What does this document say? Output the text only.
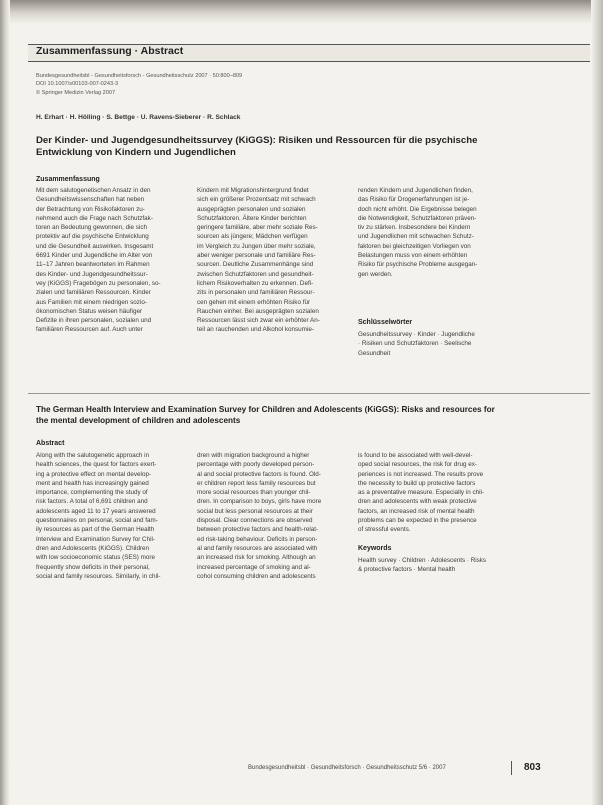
Zusammenfassung · Abstract
Bundesgesundheitsbl - Gesundheitsforsch - Gesundheitsschutz 2007 · 50:800–809
DOI 10.1007/s00103-007-0243-3
© Springer Medizin Verlag 2007
H. Erhart · H. Hölling · S. Bettge · U. Ravens-Sieberer · R. Schlack
Der Kinder- und Jugendgesundheitssurvey (KiGGS): Risiken und Ressourcen für die psychische Entwicklung von Kindern und Jugendlichen
Zusammenfassung
Mit dem salutogenetischen Ansatz in den
Gesundheitswissenschaften hat neben
der Betrachtung von Risikofaktoren zu-
nehmend auch die Frage nach Schutzfak-
toren an Bedeutung gewonnen, die sich
protektiv auf die psychische Entwicklung
und die Gesundheit auswirken. Insgesamt
6691 Kinder und Jugendliche im Alter von
11–17 Jahren beantworteten im Rahmen
des Kinder- und Jugendgesundheitssur-
vey (KiGGS) Fragebögen zu personalen, so-
zialen und familiären Ressourcen. Kinder
aus Familien mit einem niedrigen sozio-
ökonomischen Status weisen häufiger
Defizite in ihren personalen, sozialen und
familiären Ressourcen auf. Auch unter
Kindern mit Migrationshintergrund findet
sich ein größerer Prozentsatz mit schwach
ausgeprägten personalen und sozialen
Schutzfaktoren. Ältere Kinder berichten
geringere familiäre, aber mehr soziale Res-
sourcen als jüngere; Mädchen verfügen
im Vergleich zu Jungen über mehr soziale,
aber weniger personale und familiäre Res-
sourcen. Deutliche Zusammenhänge sind
zwischen Schutzfaktoren und gesundheit-
lichem Risikoverhalten zu erkennen. Defi-
zits in personalen und familiären Ressour-
cen gehen mit einem erhöhten Risiko für
Rauchen einher. Bei ausgeprägten sozialen
Ressourcen lässt sich zwar ein erhöhter An-
teil an rauchenden und Alkohol konsumie-
renden Kindern und Jugendlichen finden,
das Risiko für Drogenerfahrungen ist je-
doch nicht erhöht. Die Ergebnisse belegen
die Notwendigkeit, Schutzfaktoren präven-
tiv zu stärken. Insbesondere bei Kindern
und Jugendlichen mit schwachen Schutz-
faktoren bei gleichzeitigen Vorliegen von
Belastungen muss von einem erhöhten
Risiko für psychische Probleme ausgegan-
gen werden.
Schlüsselwörter
Gesundheitssurvey · Kinder · Jugendliche
· Risiken und Schutzfaktoren · Seelische
Gesundheit
The German Health Interview and Examination Survey for Children and Adolescents (KiGGS): Risks and resources for the mental development of children and adolescents
Abstract
Along with the salutogenetic approach in
health sciences, the quest for factors exert-
ing a protective effect on mental develop-
ment and health has increasingly gained
importance, complementing the study of
risk factors. A total of 6,691 children and
adolescents aged 11 to 17 years answered
questionnaires on personal, social and fam-
ily resources as part of the German Health
Interview and Examination Survey for Chil-
dren and Adolescents (KiGGS). Children
with low socioeconomic status (SES) more
frequently show deficits in their personal,
social and family resources. Similarly, in chil-
dren with migration background a higher
percentage with poorly developed person-
al and social protective factors is found. Old-
er children report less family resources but
more social resources than younger chil-
dren. In comparison to boys, girls have more
social but less personal resources at their
disposal. Clear connections are observed
between protective factors and health-relat-
ed risk-taking behaviour. Deficits in person-
al and family resources are associated with
an increased risk for smoking. Although an
increased percentage of smoking and al-
cohol consuming children and adolescents
is found to be associated with well-devel-
oped social resources, the risk for drug ex-
periences is not increased. The results prove
the necessity to build up protective factors
as a preventative measure. Especially in chil-
dren and adolescents with weak protective
factors, an increased risk of mental health
problems can be expected in the presence
of stressful events.
Keywords
Health survey · Children · Adolescents · Risks
& protective factors · Mental health
Bundesgesundheitsbl · Gesundheitsforsch · Gesundheitsschutz 5/6 · 2007	803
